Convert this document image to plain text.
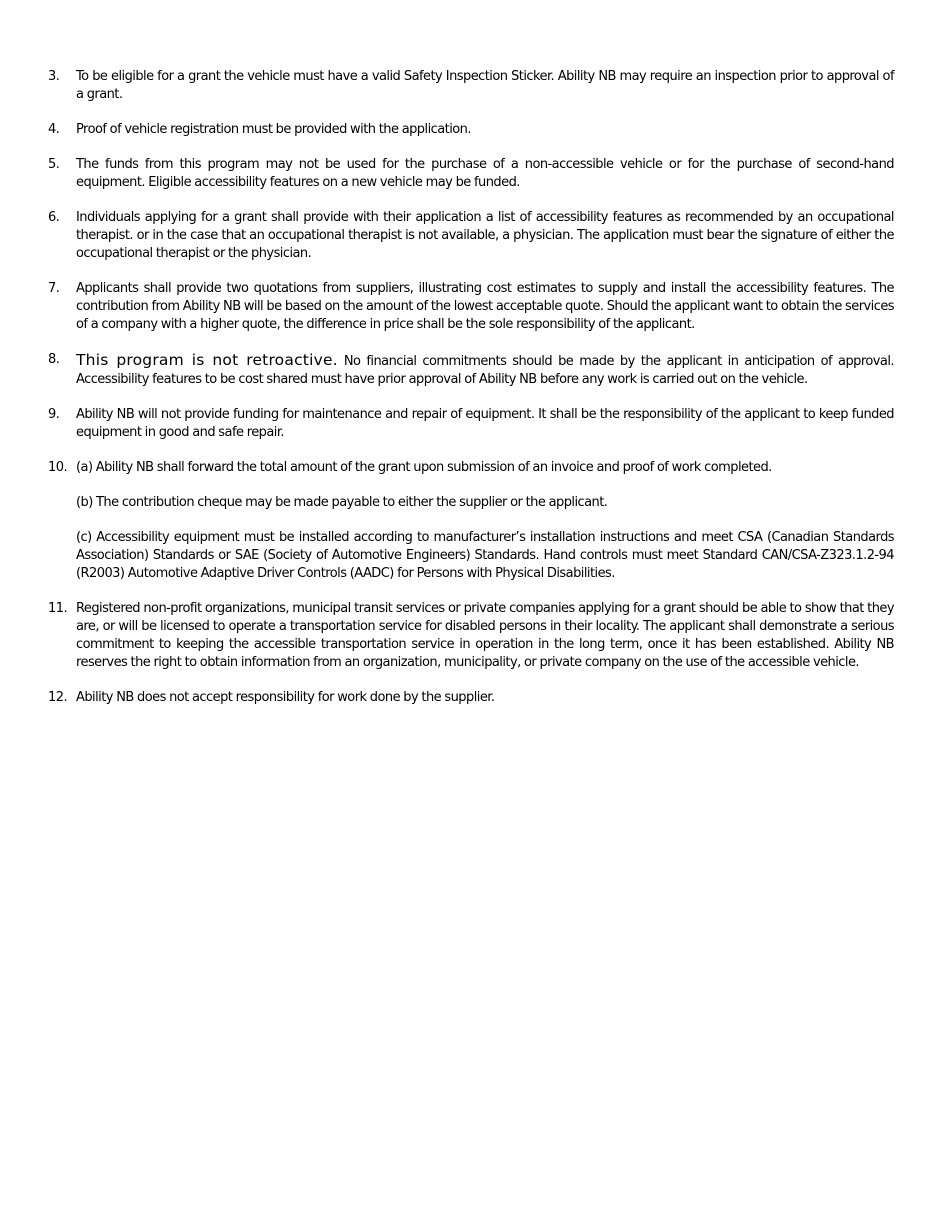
3.	To be eligible for a grant the vehicle must have a valid Safety Inspection Sticker. Ability NB may require an inspection prior to approval of a grant.

4.	Proof of vehicle registration must be provided with the application.

5.	The funds from this program may not be used for the purchase of a non-accessible vehicle or for the purchase of second-hand equipment. Eligible accessibility features on a new vehicle may be funded.

6.	Individuals applying for a grant shall provide with their application a list of accessibility features as recommended by an occupational therapist. or in the case that an occupational therapist is not available, a physician. The application must bear the signature of either the occupational therapist or the physician.

7.	Applicants shall provide two quotations from suppliers, illustrating cost estimates to supply and install the accessibility features. The contribution from Ability NB will be based on the amount of the lowest acceptable quote. Should the applicant want to obtain the services of a company with a higher quote, the difference in price shall be the sole responsibility of the applicant.

8.	This program is not retroactive. No financial commitments should be made by the applicant in anticipation of approval. Accessibility features to be cost shared must have prior approval of Ability NB before any work is carried out on the vehicle.

9.	Ability NB will not provide funding for maintenance and repair of equipment. It shall be the responsibility of the applicant to keep funded equipment in good and safe repair.

10. (a) Ability NB shall forward the total amount of the grant upon submission of an invoice and proof of work completed.

(b) The contribution cheque may be made payable to either the supplier or the applicant.

(c) Accessibility equipment must be installed according to manufacturer’s installation instructions and meet CSA (Canadian Standards Association) Standards or SAE (Society of Automotive Engineers) Standards. Hand controls must meet Standard CAN/CSA-Z323.1.2-94 (R2003) Automotive Adaptive Driver Controls (AADC) for Persons with Physical Disabilities.

11. Registered non-profit organizations, municipal transit services or private companies applying for a grant should be able to show that they are, or will be licensed to operate a transportation service for disabled persons in their locality. The applicant shall demonstrate a serious commitment to keeping the accessible transportation service in operation in the long term, once it has been established. Ability NB reserves the right to obtain information from an organization, municipality, or private company on the use of the accessible vehicle.

12. Ability NB does not accept responsibility for work done by the supplier.
